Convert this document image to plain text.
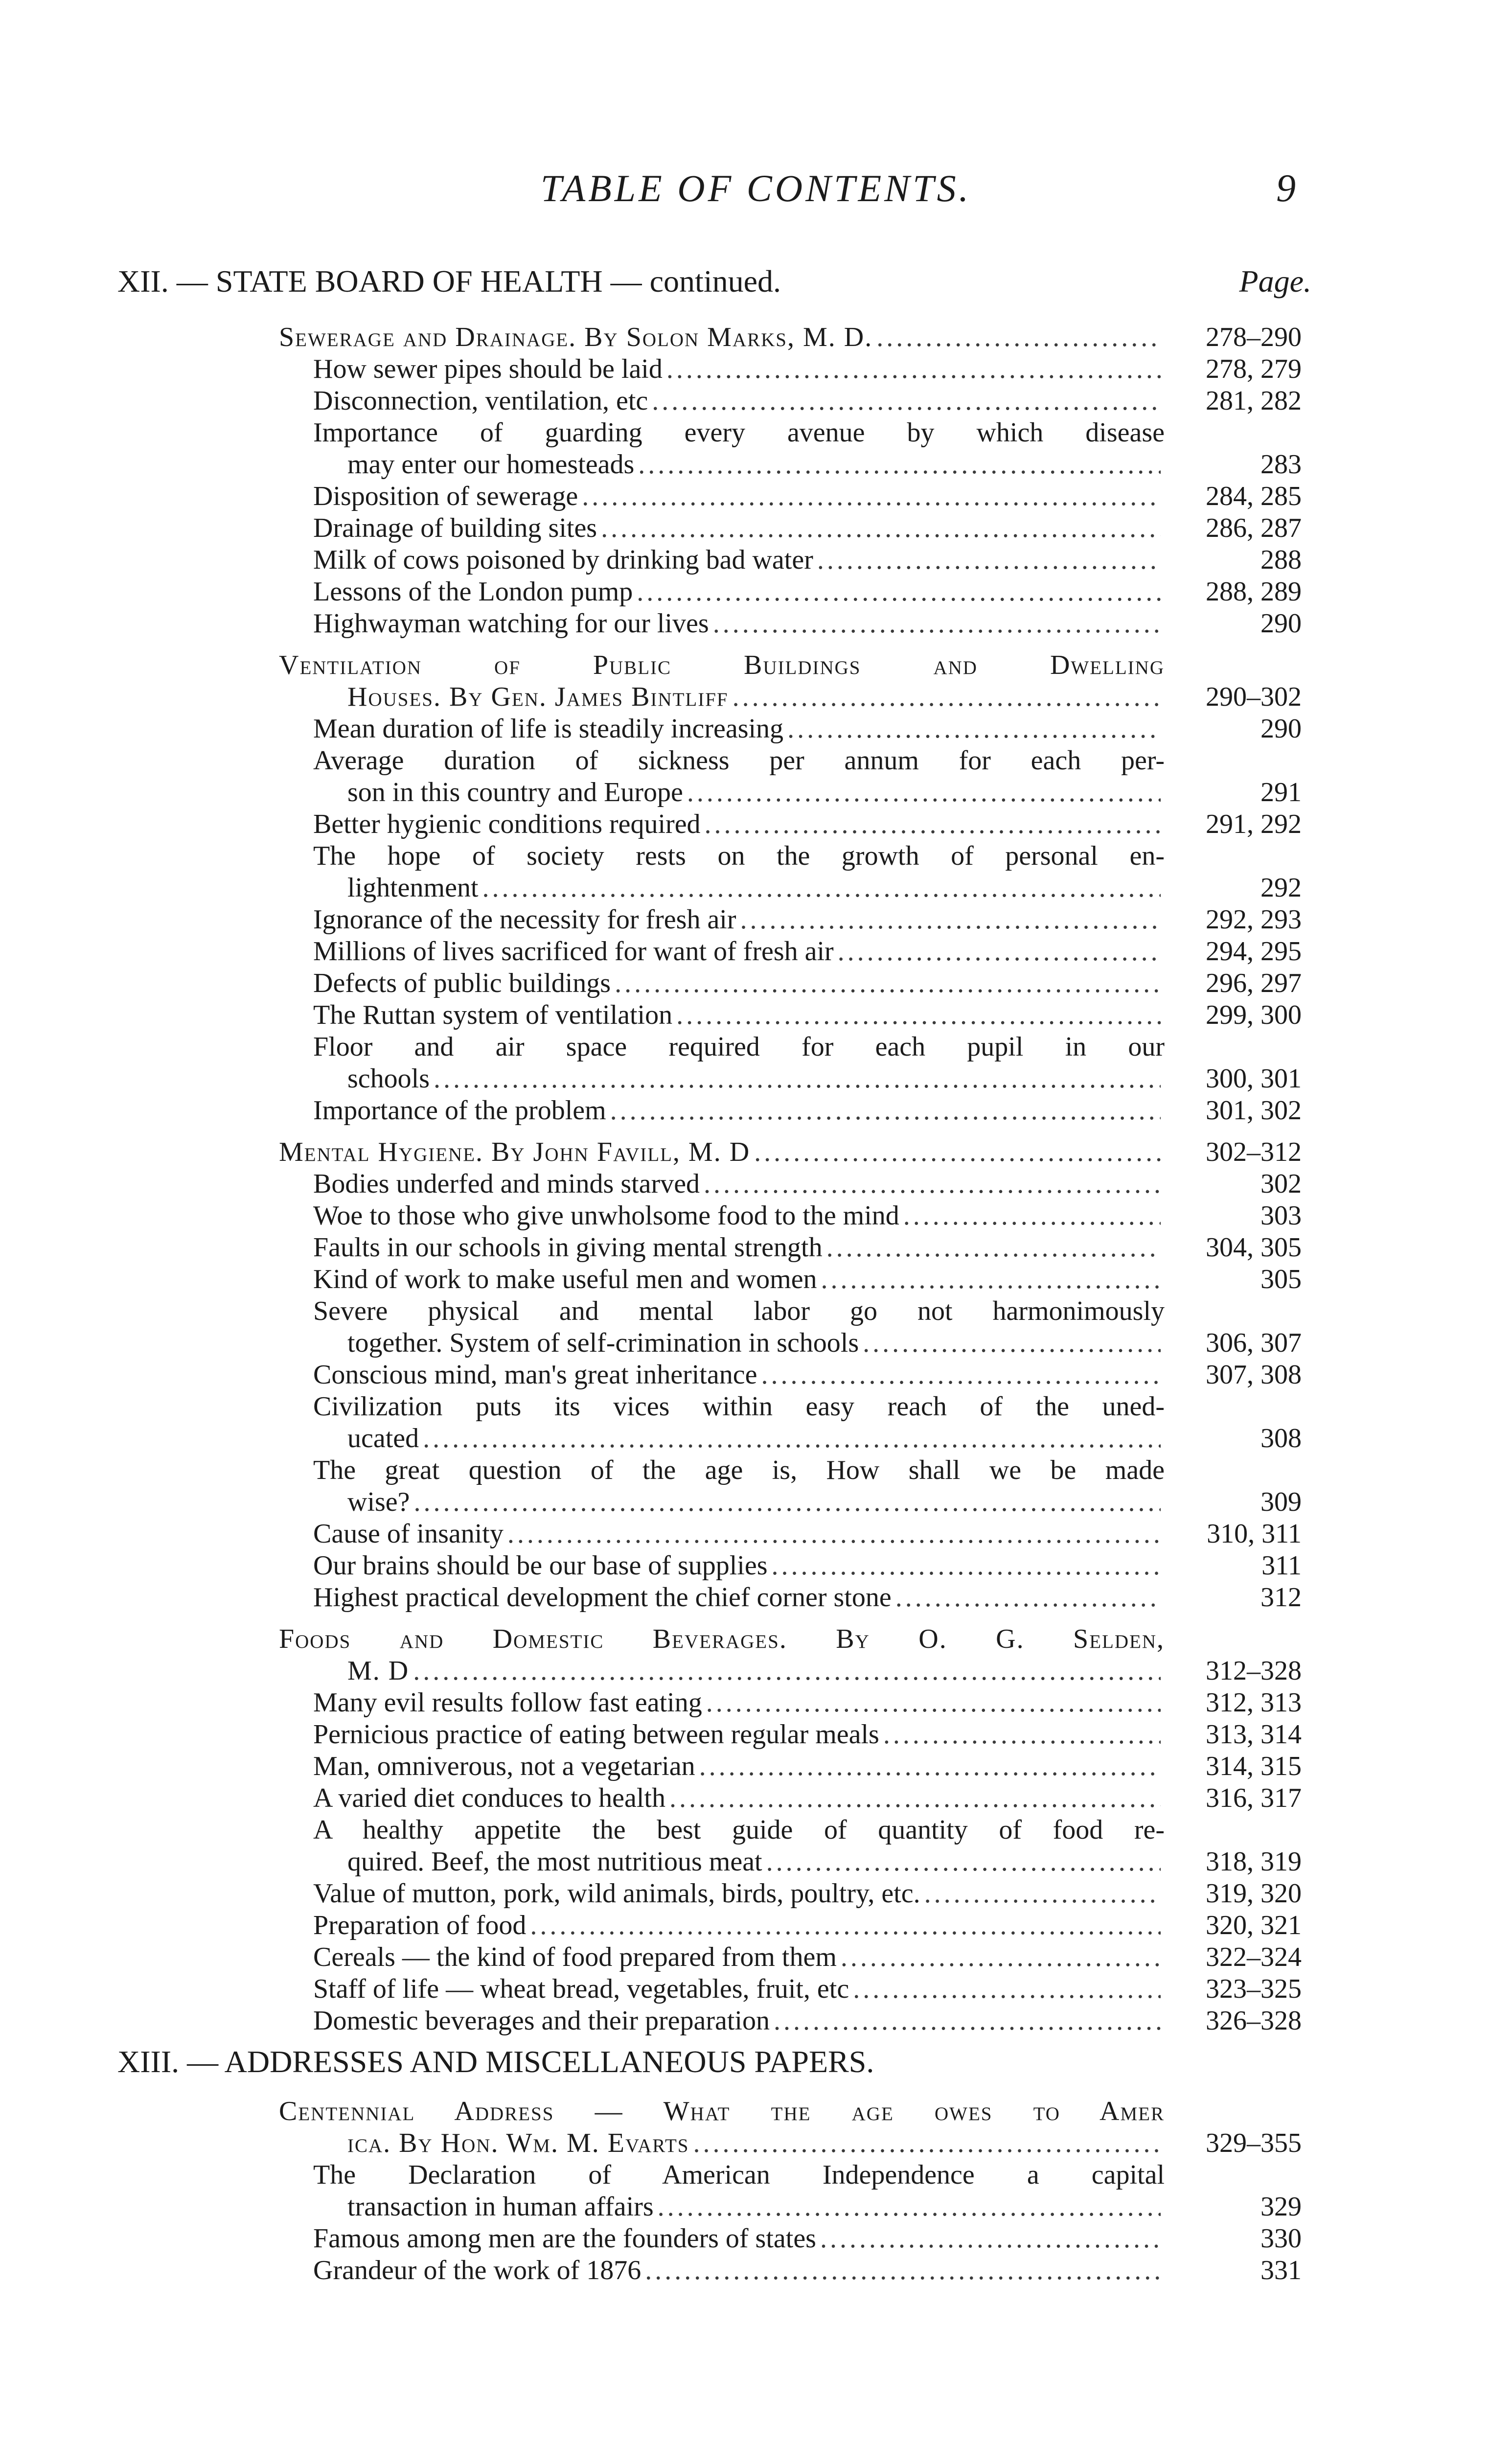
TABLE OF CONTENTS.	9
XII. — STATE BOARD OF HEALTH — continued.	Page.
Sewerage and Drainage. By Solon Marks, M. D. .....	278–290
How sewer pipes should be laid .....	278, 279
Disconnection, ventilation, etc .....	281, 282
Importance of guarding every avenue by which disease
may enter our homesteads .....	283
Disposition of sewerage .....	284, 285
Drainage of building sites .....	286, 287
Milk of cows poisoned by drinking bad water .....	288
Lessons of the London pump .....	288, 289
Highwayman watching for our lives .....	290
Ventilation of Public Buildings and Dwelling
Houses. By Gen. James Bintliff .....	290–302
Mean duration of life is steadily increasing .....	290
Average duration of sickness per annum for each per-
son in this country and Europe .....	291
Better hygienic conditions required .....	291, 292
The hope of society rests on the growth of personal en-
lightenment .....	292
Ignorance of the necessity for fresh air .....	292, 293
Millions of lives sacrificed for want of fresh air .....	294, 295
Defects of public buildings .....	296, 297
The Ruttan system of ventilation .....	299, 300
Floor and air space required for each pupil in our
schools .....	300, 301
Importance of the problem .....	301, 302
Mental Hygiene. By John Favill, M. D .....	302–312
Bodies underfed and minds starved .....	302
Woe to those who give unwholsome food to the mind .....	303
Faults in our schools in giving mental strength .....	304, 305
Kind of work to make useful men and women .....	305
Severe physical and mental labor go not harmonimously
together. System of self-crimination in schools .....	306, 307
Conscious mind, man's great inheritance .....	307, 308
Civilization puts its vices within easy reach of the uned-
ucated .....	308
The great question of the age is, How shall we be made
wise? .....	309
Cause of insanity .....	310, 311
Our brains should be our base of supplies .....	311
Highest practical development the chief corner stone .....	312
Foods and Domestic Beverages. By O. G. Selden,
M. D .....	312–328
Many evil results follow fast eating .....	312, 313
Pernicious practice of eating between regular meals .....	313, 314
Man, omniverous, not a vegetarian .....	314, 315
A varied diet conduces to health .....	316, 317
A healthy appetite the best guide of quantity of food re-
quired. Beef, the most nutritious meat .....	318, 319
Value of mutton, pork, wild animals, birds, poultry, etc. .....	319, 320
Preparation of food .....	320, 321
Cereals — the kind of food prepared from them .....	322–324
Staff of life — wheat bread, vegetables, fruit, etc .....	323–325
Domestic beverages and their preparation .....	326–328
XIII. — ADDRESSES AND MISCELLANEOUS PAPERS.
Centennial Address — What the age owes to Amer
ica. By Hon. Wm. M. Evarts .....	329–355
The Declaration of American Independence a capital
transaction in human affairs .....	329
Famous among men are the founders of states .....	330
Grandeur of the work of 1876 .....	331
